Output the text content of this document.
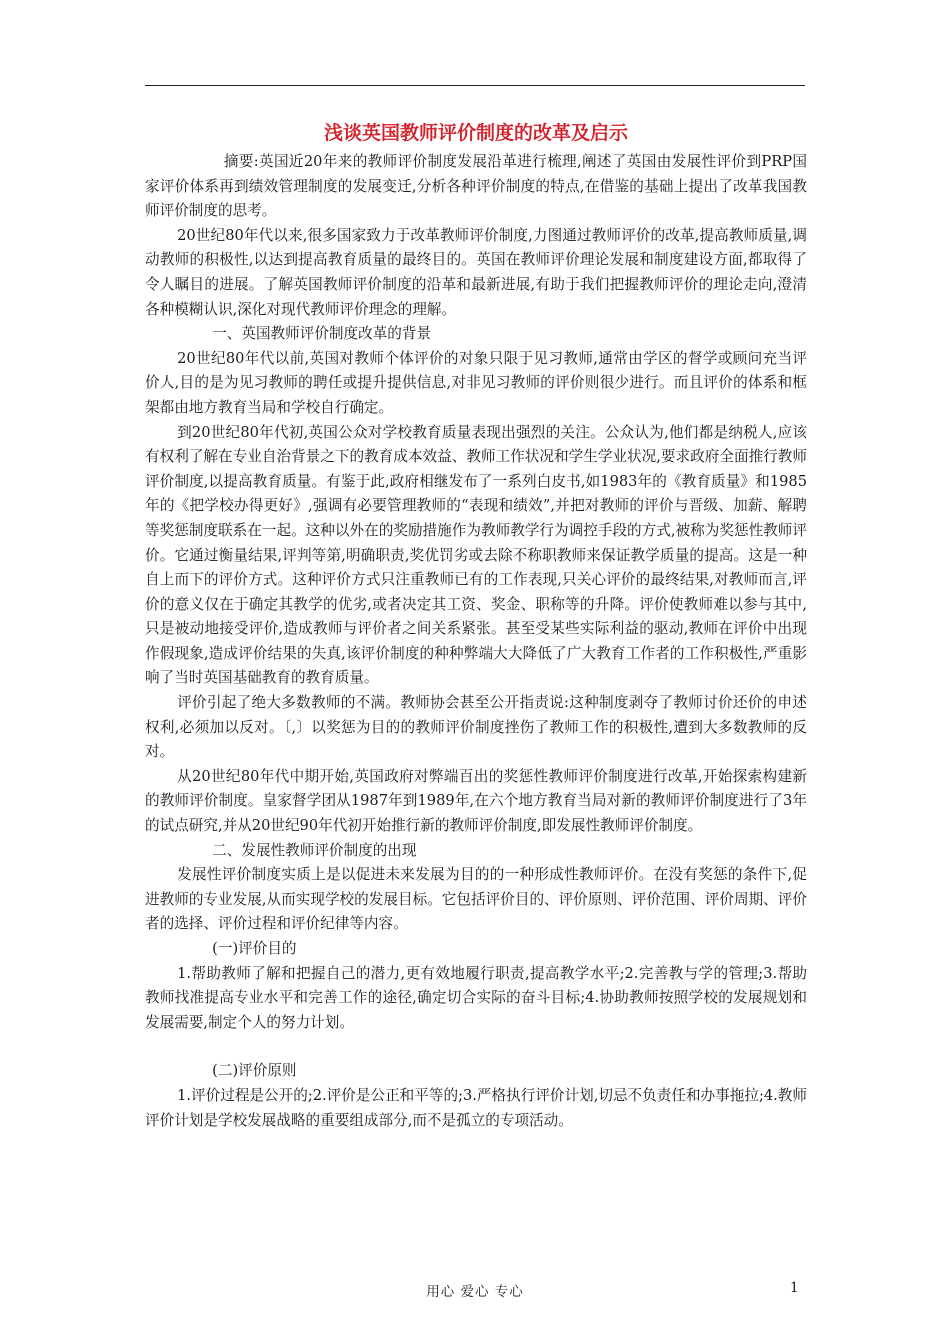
浅谈英国教师评价制度的改革及启示

摘要:英国近20年来的教师评价制度发展沿革进行梳理,阐述了英国由发展性评价到PRP国家评价体系再到绩效管理制度的发展变迁,分析各种评价制度的特点,在借鉴的基础上提出了改革我国教师评价制度的思考。

20世纪80年代以来,很多国家致力于改革教师评价制度,力图通过教师评价的改革,提高教师质量,调动教师的积极性,以达到提高教育质量的最终目的。英国在教师评价理论发展和制度建设方面,都取得了令人瞩目的进展。了解英国教师评价制度的沿革和最新进展,有助于我们把握教师评价的理论走向,澄清各种模糊认识,深化对现代教师评价理念的理解。

一、英国教师评价制度改革的背景

20世纪80年代以前,英国对教师个体评价的对象只限于见习教师,通常由学区的督学或顾问充当评价人,目的是为见习教师的聘任或提升提供信息,对非见习教师的评价则很少进行。而且评价的体系和框架都由地方教育当局和学校自行确定。

到20世纪80年代初,英国公众对学校教育质量表现出强烈的关注。公众认为,他们都是纳税人,应该有权利了解在专业自治背景之下的教育成本效益、教师工作状况和学生学业状况,要求政府全面推行教师评价制度,以提高教育质量。有鉴于此,政府相继发布了一系列白皮书,如1983年的《教育质量》和1985年的《把学校办得更好》,强调有必要管理教师的“表现和绩效”,并把对教师的评价与晋级、加薪、解聘等奖惩制度联系在一起。这种以外在的奖励措施作为教师教学行为调控手段的方式,被称为奖惩性教师评价。它通过衡量结果,评判等第,明确职责,奖优罚劣或去除不称职教师来保证教学质量的提高。这是一种自上而下的评价方式。这种评价方式只注重教师已有的工作表现,只关心评价的最终结果,对教师而言,评价的意义仅在于确定其教学的优劣,或者决定其工资、奖金、职称等的升降。评价使教师难以参与其中,只是被动地接受评价,造成教师与评价者之间关系紧张。甚至受某些实际利益的驱动,教师在评价中出现作假现象,造成评价结果的失真,该评价制度的种种弊端大大降低了广大教育工作者的工作积极性,严重影响了当时英国基础教育的教育质量。

评价引起了绝大多数教师的不满。教师协会甚至公开指责说:这种制度剥夺了教师讨价还价的申述权利,必须加以反对。〔,〕以奖惩为目的的教师评价制度挫伤了教师工作的积极性,遭到大多数教师的反对。

从20世纪80年代中期开始,英国政府对弊端百出的奖惩性教师评价制度进行改革,开始探索构建新的教师评价制度。皇家督学团从1987年到1989年,在六个地方教育当局对新的教师评价制度进行了3年的试点研究,并从20世纪90年代初开始推行新的教师评价制度,即发展性教师评价制度。

二、发展性教师评价制度的出现

发展性评价制度实质上是以促进未来发展为目的的一种形成性教师评价。在没有奖惩的条件下,促进教师的专业发展,从而实现学校的发展目标。它包括评价目的、评价原则、评价范围、评价周期、评价者的选择、评价过程和评价纪律等内容。

(一)评价目的

1.帮助教师了解和把握自己的潜力,更有效地履行职责,提高教学水平;2.完善教与学的管理;3.帮助教师找准提高专业水平和完善工作的途径,确定切合实际的奋斗目标;4.协助教师按照学校的发展规划和发展需要,制定个人的努力计划。

(二)评价原则

1.评价过程是公开的;2.评价是公正和平等的;3.严格执行评价计划,切忌不负责任和办事拖拉;4.教师评价计划是学校发展战略的重要组成部分,而不是孤立的专项活动。

用心 爱心 专心	1
